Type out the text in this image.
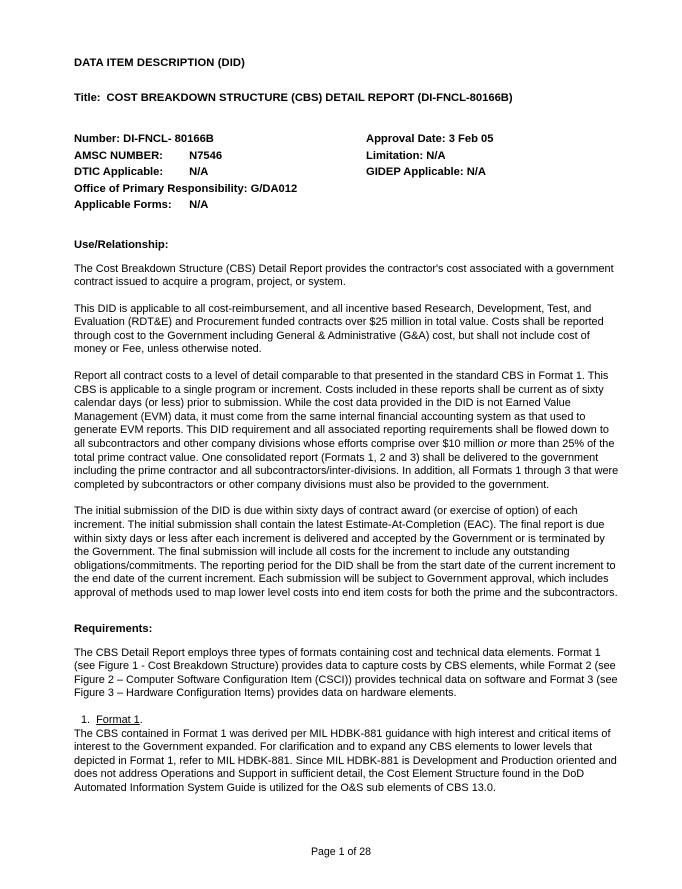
DATA ITEM DESCRIPTION (DID)
Title: COST BREAKDOWN STRUCTURE (CBS) DETAIL REPORT (DI-FNCL-80166B)
Number: DI-FNCL- 80166B	Approval Date: 3 Feb 05
AMSC NUMBER: N7546	Limitation: N/A
DTIC Applicable: N/A	GIDEP Applicable: N/A
Office of Primary Responsibility: G/DA012
Applicable Forms: N/A
Use/Relationship:

The Cost Breakdown Structure (CBS) Detail Report provides the contractor's cost associated with a government contract issued to acquire a program, project, or system.

This DID is applicable to all cost-reimbursement, and all incentive based Research, Development, Test, and Evaluation (RDT&E) and Procurement funded contracts over $25 million in total value. Costs shall be reported through cost to the Government including General & Administrative (G&A) cost, but shall not include cost of money or Fee, unless otherwise noted.

Report all contract costs to a level of detail comparable to that presented in the standard CBS in Format 1. This CBS is applicable to a single program or increment. Costs included in these reports shall be current as of sixty calendar days (or less) prior to submission. While the cost data provided in the DID is not Earned Value Management (EVM) data, it must come from the same internal financial accounting system as that used to generate EVM reports. This DID requirement and all associated reporting requirements shall be flowed down to all subcontractors and other company divisions whose efforts comprise over $10 million or more than 25% of the total prime contract value. One consolidated report (Formats 1, 2 and 3) shall be delivered to the government including the prime contractor and all subcontractors/inter-divisions. In addition, all Formats 1 through 3 that were completed by subcontractors or other company divisions must also be provided to the government.

The initial submission of the DID is due within sixty days of contract award (or exercise of option) of each increment. The initial submission shall contain the latest Estimate-At-Completion (EAC). The final report is due within sixty days or less after each increment is delivered and accepted by the Government or is terminated by the Government. The final submission will include all costs for the increment to include any outstanding obligations/commitments. The reporting period for the DID shall be from the start date of the current increment to the end date of the current increment. Each submission will be subject to Government approval, which includes approval of methods used to map lower level costs into end item costs for both the prime and the subcontractors.

Requirements:

The CBS Detail Report employs three types of formats containing cost and technical data elements. Format 1 (see Figure 1 - Cost Breakdown Structure) provides data to capture costs by CBS elements, while Format 2 (see Figure 2 – Computer Software Configuration Item (CSCI)) provides technical data on software and Format 3 (see Figure 3 – Hardware Configuration Items) provides data on hardware elements.

1. Format 1.

The CBS contained in Format 1 was derived per MIL HDBK-881 guidance with high interest and critical items of interest to the Government expanded. For clarification and to expand any CBS elements to lower levels that depicted in Format 1, refer to MIL HDBK-881. Since MIL HDBK-881 is Development and Production oriented and does not address Operations and Support in sufficient detail, the Cost Element Structure found in the DoD Automated Information System Guide is utilized for the O&S sub elements of CBS 13.0.

Page 1 of 28
